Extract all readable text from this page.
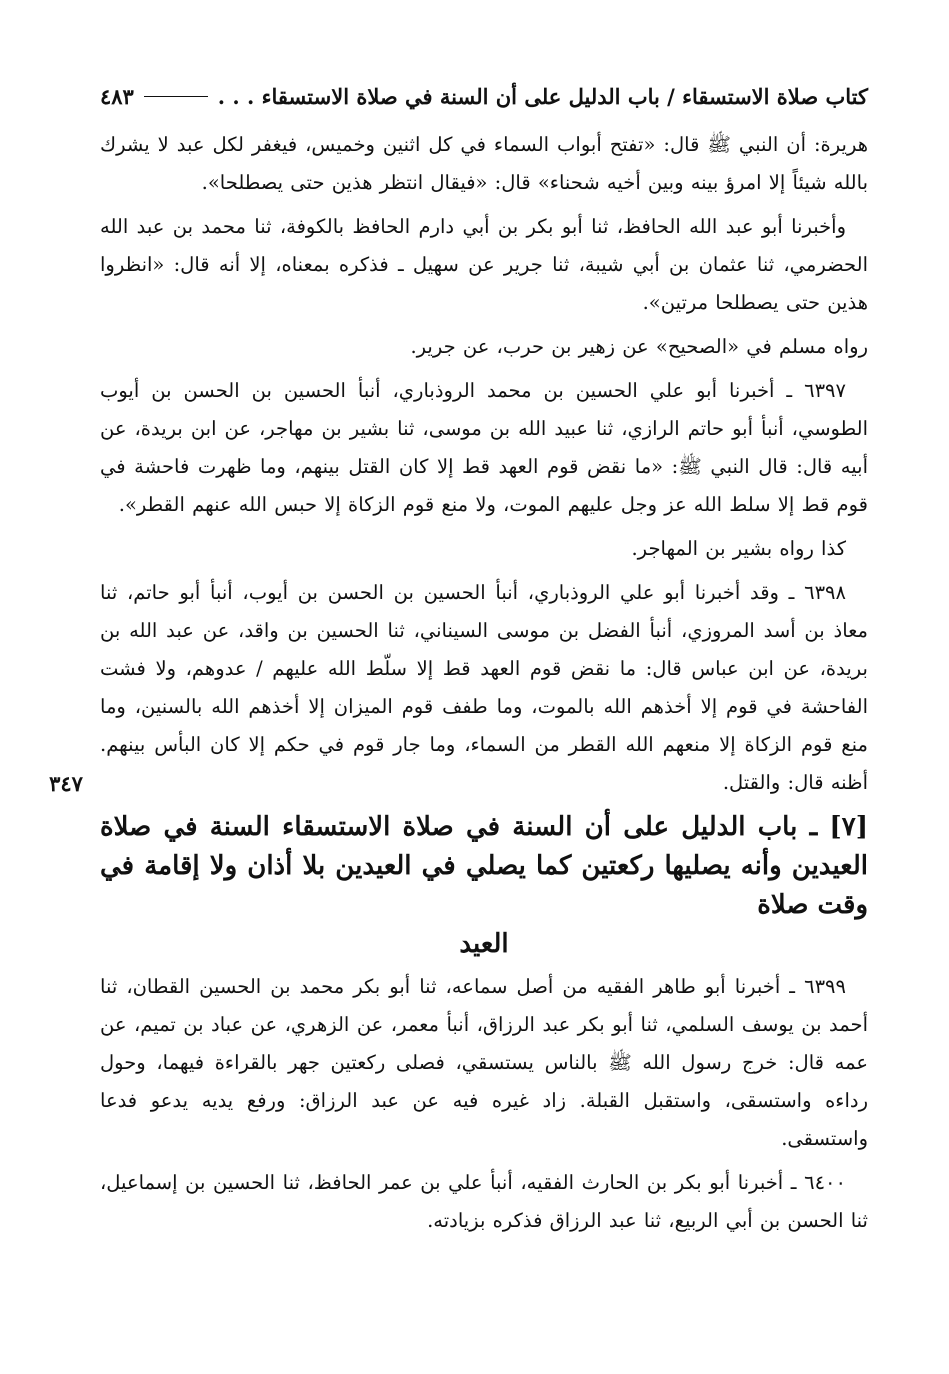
كتاب صلاة الاستسقاء / باب الدليل على أن السنة في صلاة الاستسقاء . . .
٤٨٣
٣٤٧

هريرة: أن النبي ﷺ قال: «تفتح أبواب السماء في كل اثنين وخميس، فيغفر لكل عبد لا يشرك بالله شيئاً إلا امرؤ بينه وبين أخيه شحناء» قال: «فيقال انتظر هذين حتى يصطلحا».

وأخبرنا أبو عبد الله الحافظ، ثنا أبو بكر بن أبي دارم الحافظ بالكوفة، ثنا محمد بن عبد الله الحضرمي، ثنا عثمان بن أبي شيبة، ثنا جرير عن سهيل ـ فذكره بمعناه، إلا أنه قال: «انظروا هذين حتى يصطلحا مرتين».

رواه مسلم في «الصحيح» عن زهير بن حرب، عن جرير.

٦٣٩٧ ـ أخبرنا أبو علي الحسين بن محمد الروذباري، أنبأ الحسين بن الحسن بن أيوب الطوسي، أنبأ أبو حاتم الرازي، ثنا عبيد الله بن موسى، ثنا بشير بن مهاجر، عن ابن بريدة، عن أبيه قال: قال النبي ﷺ: «ما نقض قوم العهد قط إلا كان القتل بينهم، وما ظهرت فاحشة في قوم قط إلا سلط الله عز وجل عليهم الموت، ولا منع قوم الزكاة إلا حبس الله عنهم القطر».

كذا رواه بشير بن المهاجر.

٦٣٩٨ ـ وقد أخبرنا أبو علي الروذباري، أنبأ الحسين بن الحسن بن أيوب، أنبأ أبو حاتم، ثنا معاذ بن أسد المروزي، أنبأ الفضل بن موسى السيناني، ثنا الحسين بن واقد، عن عبد الله بن بريدة، عن ابن عباس قال: ما نقض قوم العهد قط إلا سلّط الله عليهم / عدوهم، ولا فشت الفاحشة في قوم إلا أخذهم الله بالموت، وما طفف قوم الميزان إلا أخذهم الله بالسنين، وما منع قوم الزكاة إلا منعهم الله القطر من السماء، وما جار قوم في حكم إلا كان البأس بينهم. أظنه قال: والقتل.

[٧] ـ باب الدليل على أن السنة في صلاة الاستسقاء السنة في صلاة العيدين وأنه يصليها ركعتين كما يصلي في العيدين بلا أذان ولا إقامة في وقت صلاة
العيد

٦٣٩٩ ـ أخبرنا أبو طاهر الفقيه من أصل سماعه، ثنا أبو بكر محمد بن الحسين القطان، ثنا أحمد بن يوسف السلمي، ثنا أبو بكر عبد الرزاق، أنبأ معمر، عن الزهري، عن عباد بن تميم، عن عمه قال: خرج رسول الله ﷺ بالناس يستسقي، فصلى ركعتين جهر بالقراءة فيهما، وحول رداءه واستسقى، واستقبل القبلة. زاد غيره فيه عن عبد الرزاق: ورفع يديه يدعو فدعا واستسقى.

٦٤٠٠ ـ أخبرنا أبو بكر بن الحارث الفقيه، أنبأ علي بن عمر الحافظ، ثنا الحسين بن إسماعيل، ثنا الحسن بن أبي الربيع، ثنا عبد الرزاق فذكره بزيادته.
